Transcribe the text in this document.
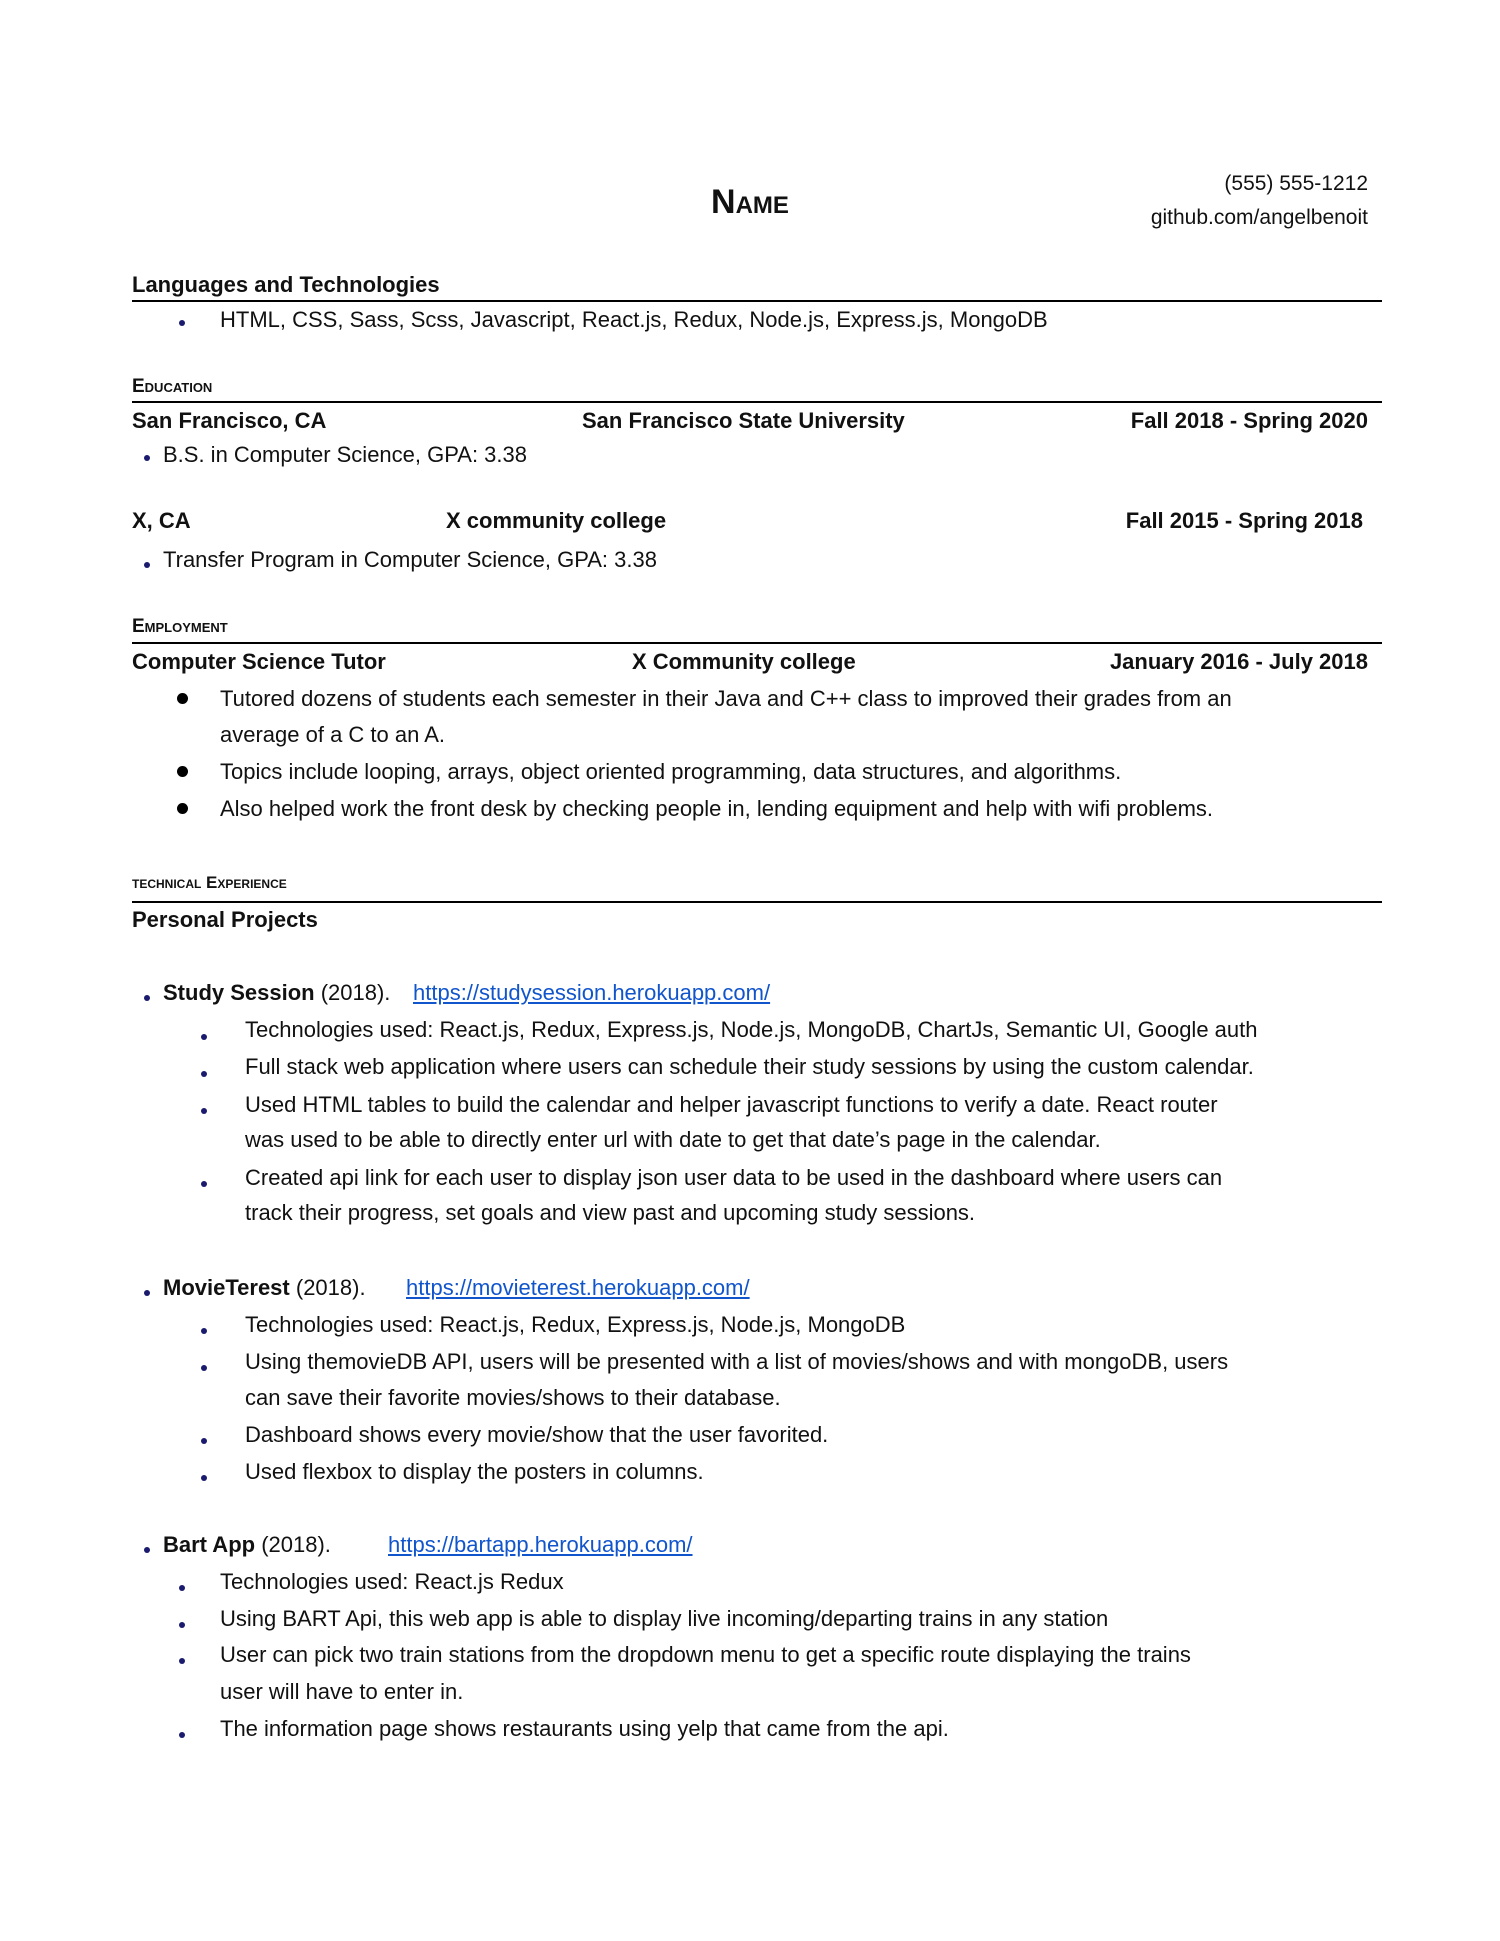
Name	(555) 555-1212
github.com/angelbenoit
Languages and Technologies
HTML, CSS, Sass, Scss, Javascript, React.js, Redux, Node.js, Express.js, MongoDB
Education
San Francisco, CA	San Francisco State University	Fall 2018 - Spring 2020
B.S. in Computer Science, GPA: 3.38
X, CA	X community college	Fall 2015 - Spring 2018
Transfer Program in Computer Science, GPA: 3.38
Employment
Computer Science Tutor	X Community college	January 2016 - July 2018
Tutored dozens of students each semester in their Java and C++ class to improved their grades from an
average of a C to an A.
Topics include looping, arrays, object oriented programming, data structures, and algorithms.
Also helped work the front desk by checking people in, lending equipment and help with wifi problems.
technical Experience
Personal Projects
Study Session (2018). https://studysession.herokuapp.com/
Technologies used: React.js, Redux, Express.js, Node.js, MongoDB, ChartJs, Semantic UI, Google auth
Full stack web application where users can schedule their study sessions by using the custom calendar.
Used HTML tables to build the calendar and helper javascript functions to verify a date. React router
was used to be able to directly enter url with date to get that date’s page in the calendar.
Created api link for each user to display json user data to be used in the dashboard where users can
track their progress, set goals and view past and upcoming study sessions.
MovieTerest (2018). https://movieterest.herokuapp.com/
Technologies used: React.js, Redux, Express.js, Node.js, MongoDB
Using themovieDB API, users will be presented with a list of movies/shows and with mongoDB, users
can save their favorite movies/shows to their database.
Dashboard shows every movie/show that the user favorited.
Used flexbox to display the posters in columns.
Bart App (2018).	https://bartapp.herokuapp.com/
Technologies used: React.js Redux
Using BART Api, this web app is able to display live incoming/departing trains in any station
User can pick two train stations from the dropdown menu to get a specific route displaying the trains
user will have to enter in.
The information page shows restaurants using yelp that came from the api.
